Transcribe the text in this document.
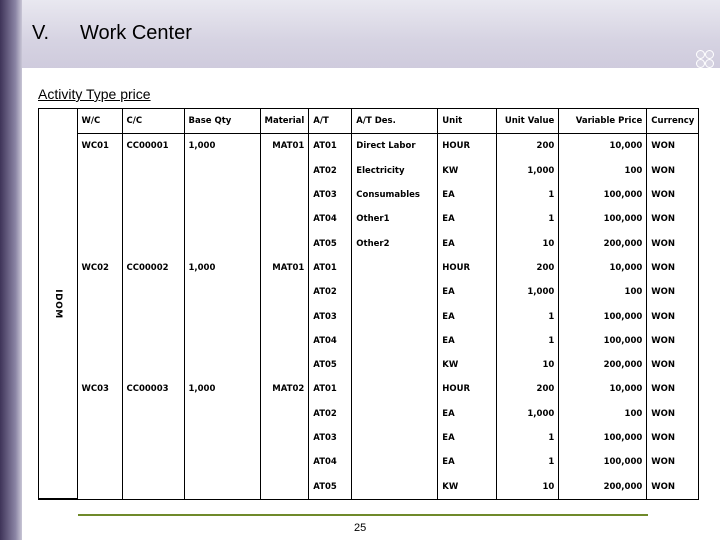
V. Work Center
Activity Type price
IDOM	W/C	C/C	Base Qty	Material	A/T	A/T Des.	Unit	Unit Value	Variable Price	Currency
	WC01	CC00001	1,000	MAT01	AT01	Direct Labor	HOUR	200	10,000	WON
					AT02	Electricity	KW	1,000	100	WON
					AT03	Consumables	EA	1	100,000	WON
					AT04	Other1	EA	1	100,000	WON
					AT05	Other2	EA	10	200,000	WON
	WC02	CC00002	1,000	MAT01	AT01		HOUR	200	10,000	WON
					AT02		EA	1,000	100	WON
					AT03		EA	1	100,000	WON
					AT04		EA	1	100,000	WON
					AT05		KW	10	200,000	WON
	WC03	CC00003	1,000	MAT02	AT01		HOUR	200	10,000	WON
					AT02		EA	1,000	100	WON
					AT03		EA	1	100,000	WON
					AT04		EA	1	100,000	WON
					AT05		KW	10	200,000	WON
25
